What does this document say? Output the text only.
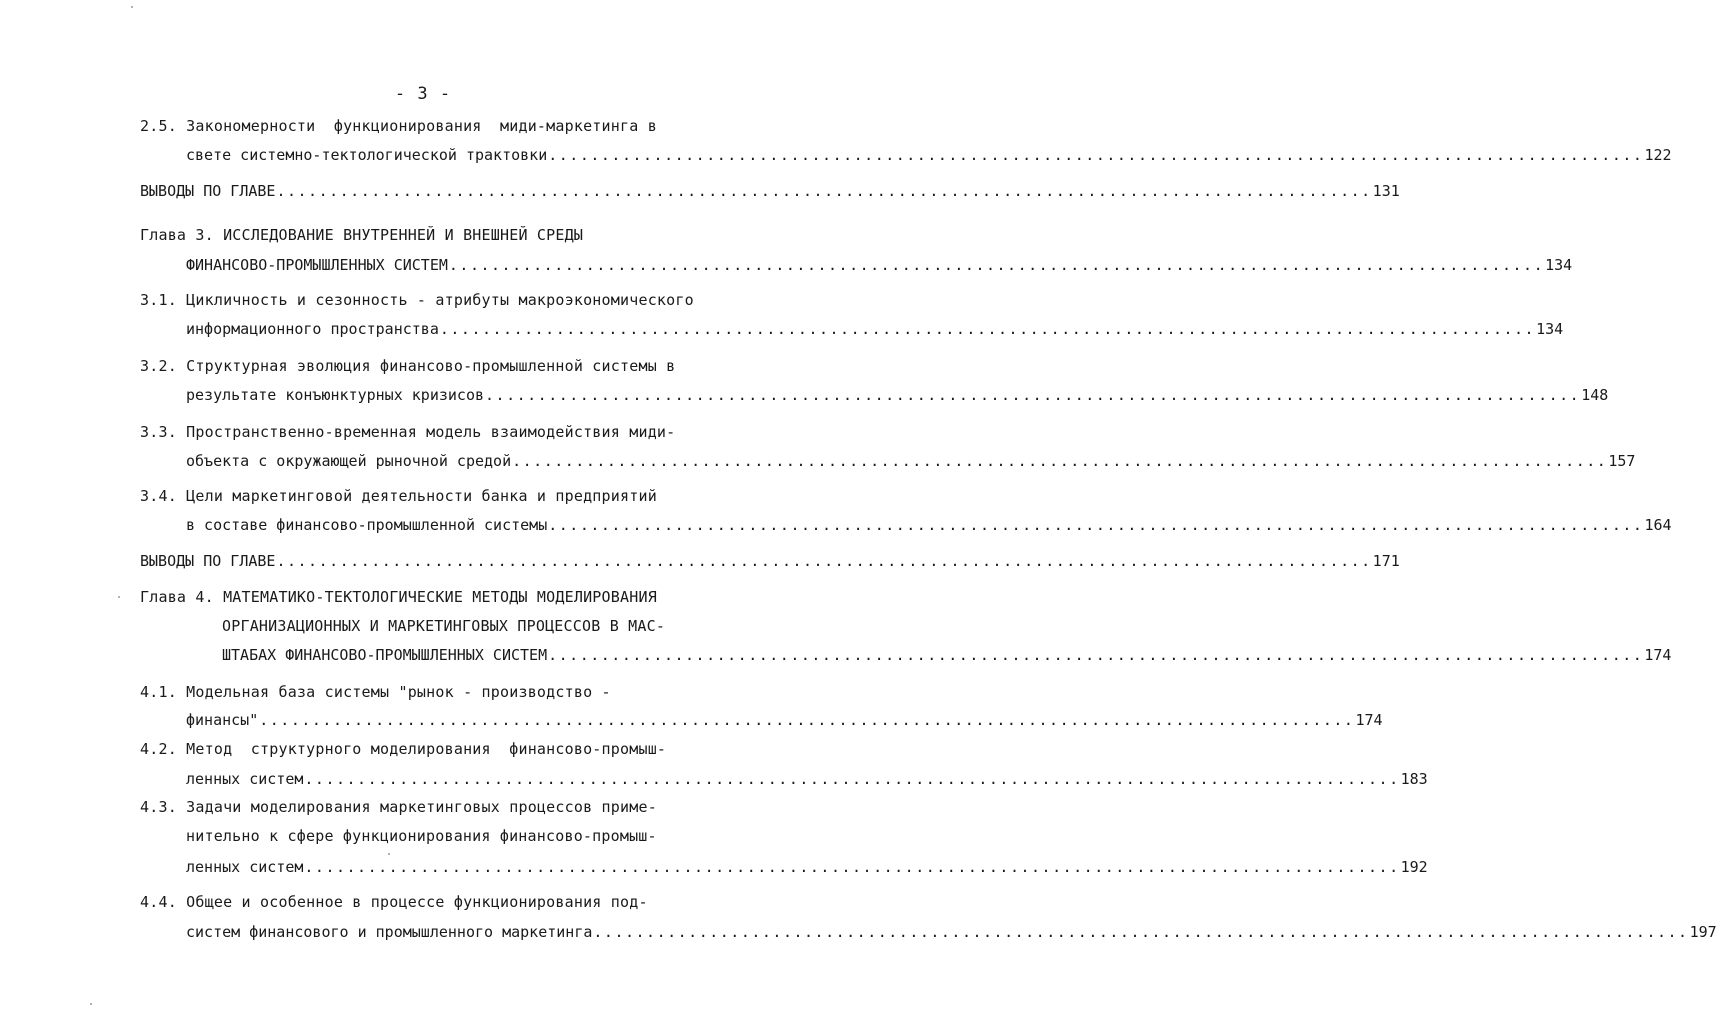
- 3 -
2.5. Закономерности  функционирования  миди-маркетинга в
свете системно-тектологической трактовки ........................................................................................................ 122
ВЫВОДЫ ПО ГЛАВЕ ........................................................................................................ 131
Глава 3. ИССЛЕДОВАНИЕ ВНУТРЕННЕЙ И ВНЕШНЕЙ СРЕДЫ
ФИНАНСОВО-ПРОМЫШЛЕННЫХ СИСТЕМ ........................................................................................................ 134
3.1. Цикличность и сезонность - атрибуты макроэкономического
информационного пространства ........................................................................................................ 134
3.2. Структурная эволюция финансово-промышленной системы в
результате конъюнктурных кризисов ........................................................................................................ 148
3.3. Пространственно-временная модель взаимодействия миди-
объекта с окружающей рыночной средой ........................................................................................................ 157
3.4. Цели маркетинговой деятельности банка и предприятий
в составе финансово-промышленной системы ........................................................................................................ 164
ВЫВОДЫ ПО ГЛАВЕ ........................................................................................................ 171
Глава 4. МАТЕМАТИКО-ТЕКТОЛОГИЧЕСКИЕ МЕТОДЫ МОДЕЛИРОВАНИЯ
ОРГАНИЗАЦИОННЫХ И МАРКЕТИНГОВЫХ ПРОЦЕССОВ В МАС-
ШТАБАХ ФИНАНСОВО-ПРОМЫШЛЕННЫХ СИСТЕМ ........................................................................................................ 174
4.1. Модельная база системы "рынок - производство -
финансы" ........................................................................................................ 174
4.2. Метод  структурного моделирования  финансово-промыш-
ленных систем ........................................................................................................ 183
4.3. Задачи моделирования маркетинговых процессов приме-
нительно к сфере функционирования финансово-промыш-
ленных систем ........................................................................................................ 192
4.4. Общее и особенное в процессе функционирования под-
систем финансового и промышленного маркетинга ........................................................................................................ 197
